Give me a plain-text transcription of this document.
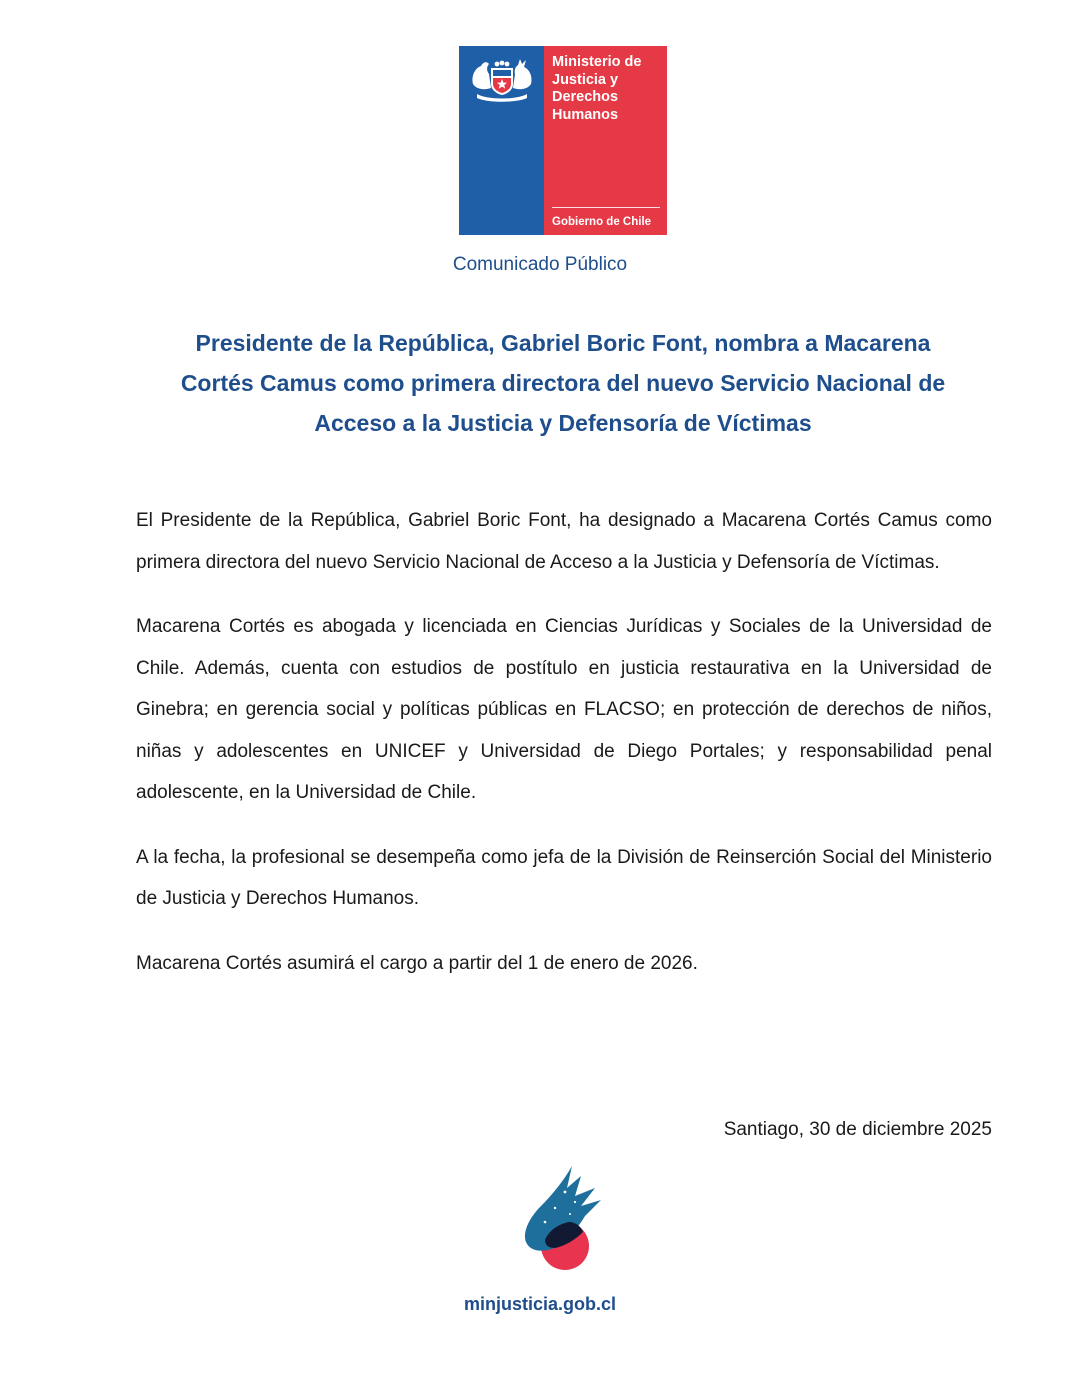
Ministerio de
Justicia y
Derechos
Humanos
Gobierno de Chile
Comunicado Público
Presidente de la República, Gabriel Boric Font, nombra a Macarena
Cortés Camus como primera directora del nuevo Servicio Nacional de
Acceso a la Justicia y Defensoría de Víctimas

El Presidente de la República, Gabriel Boric Font, ha designado a Macarena Cortés Camus como primera directora del nuevo Servicio Nacional de Acceso a la Justicia y Defensoría de Víctimas.

Macarena Cortés es abogada y licenciada en Ciencias Jurídicas y Sociales de la Universidad de Chile. Además, cuenta con estudios de postítulo en justicia restaurativa en la Universidad de Ginebra; en gerencia social y políticas públicas en FLACSO; en protección de derechos de niños, niñas y adolescentes en UNICEF y Universidad de Diego Portales; y responsabilidad penal adolescente, en la Universidad de Chile.

A la fecha, la profesional se desempeña como jefa de la División de Reinserción Social del Ministerio de Justicia y Derechos Humanos.

Macarena Cortés asumirá el cargo a partir del 1 de enero de 2026.

Santiago, 30 de diciembre 2025
minjusticia.gob.cl
